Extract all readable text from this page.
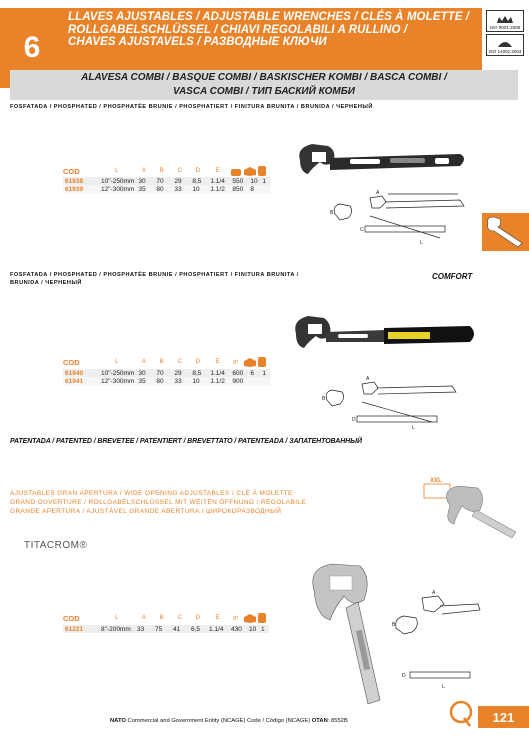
6
LLAVES AJUSTABLES / ADJUSTABLE WRENCHES / CLÉS À MOLETTE /
ROLLGABELSCHLÜSSEL / CHIAVI REGOLABILI A RULLINO /
CHAVES AJUSTAVELS / РАЗВОДНЫЕ КЛЮЧИ
ISO 9001:2008
ISO 14001:2004
ALAVESA COMBI / BASQUE COMBI / BASKISCHER KOMBI / BASCA COMBI /
VASCA COMBI / ТИП БАСКИЙ КОМБИ
FOSFATADA / PHOSPHATED / PHOSPHATÉE BRUNIE / PHOSPHATIERT / FINITURA BRUNITA / BRUNIDA / ЧЕРНЕНЫЙ
A
B
C
L
COD	L	A	B	C	D	E
61938	10"-250mm	30	70	29	8,5	1.1/4	550	10	1
61939	12"-300mm	35	80	33	10	1.1/2	850	8	
FOSFATADA / PHOSPHATED / PHOSPHATÉE BRUNIE / PHOSPHATIERT / FINITURA BRUNITA /
BRUNIDA / ЧЕРНЕНЫЙ
COMFORT
A
B
D
L
COD	L	A	B	C	D	E	gr
61940	10"-250mm	30	70	29	8,5	1.1/4	600	6	1
61941	12"-300mm	35	80	33	10	1.1/2	900		
PATENTADA / PATENTED / BREVETEE / PATENTIERT / BREVETTATO / PATENTEADA / ЗАПАТЕНТОВАННЫЙ
AJUSTABLES GRAN APERTURA / WIDE OPENING ADJUSTABLES / CLÉ À MOLETTE
GRAND OUVERTURE / ROLLGABELSCHLÜSSEL MIT WEITEN ÖFFNUNG / REGOLABILE
GRANDE APERTURA / AJUSTÁVEL GRANDE ABERTURA / ШИРОКОРАЗВОДНЫЙ
XXL
TITACROM®
A
B
D
L
COD	L	A	B	C	D	E	gr
61221	8"-200mm	33	75	41	6,5	1.1/4	430	10	1
NATO Commercial and Government Entity (NCAGE) Code / Código (NCAGE) OTAN: 8552B	121
